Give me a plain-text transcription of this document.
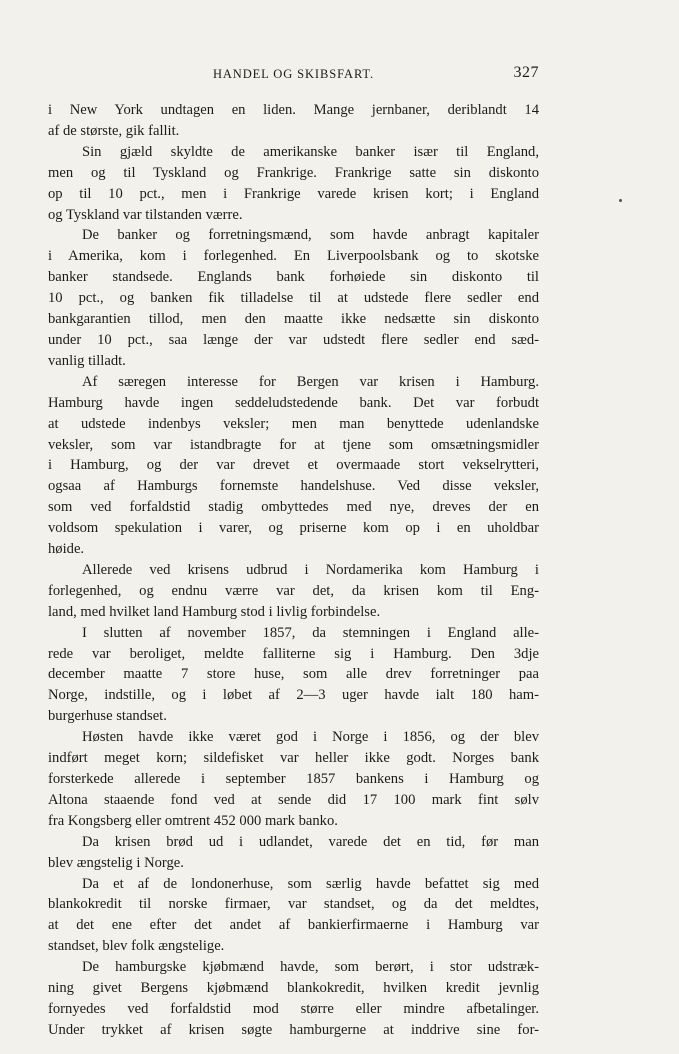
HANDEL OG SKIBSFART.	327
i New York undtagen en liden. Mange jernbaner, deriblandt 14
af de største, gik fallit.
Sin gjæld skyldte de amerikanske banker især til England,
men og til Tyskland og Frankrige. Frankrige satte sin diskonto
op til 10 pct., men i Frankrige varede krisen kort; i England
og Tyskland var tilstanden værre.
De banker og forretningsmænd, som havde anbragt kapitaler
i Amerika, kom i forlegenhed. En Liverpoolsbank og to skotske
banker standsede. Englands bank forhøiede sin diskonto til
10 pct., og banken fik tilladelse til at udstede flere sedler end
bankgarantien tillod, men den maatte ikke nedsætte sin diskonto
under 10 pct., saa længe der var udstedt flere sedler end sæd-
vanlig tilladt.
Af særegen interesse for Bergen var krisen i Hamburg.
Hamburg havde ingen seddeludstedende bank. Det var forbudt
at udstede indenbys veksler; men man benyttede udenlandske
veksler, som var istandbragte for at tjene som omsætningsmidler
i Hamburg, og der var drevet et overmaade stort vekselrytteri,
ogsaa af Hamburgs fornemste handelshuse. Ved disse veksler,
som ved forfaldstid stadig ombyttedes med nye, dreves der en
voldsom spekulation i varer, og priserne kom op i en uholdbar
høide.
Allerede ved krisens udbrud i Nordamerika kom Hamburg i
forlegenhed, og endnu værre var det, da krisen kom til Eng-
land, med hvilket land Hamburg stod i livlig forbindelse.
I slutten af november 1857, da stemningen i England alle-
rede var beroliget, meldte falliterne sig i Hamburg. Den 3dje
december maatte 7 store huse, som alle drev forretninger paa
Norge, indstille, og i løbet af 2—3 uger havde ialt 180 ham-
burgerhuse standset.
Høsten havde ikke været god i Norge i 1856, og der blev
indført meget korn; sildefisket var heller ikke godt. Norges bank
forsterkede allerede i september 1857 bankens i Hamburg og
Altona staaende fond ved at sende did 17 100 mark fint sølv
fra Kongsberg eller omtrent 452 000 mark banko.
Da krisen brød ud i udlandet, varede det en tid, før man
blev ængstelig i Norge.
Da et af de londonerhuse, som særlig havde befattet sig med
blankokredit til norske firmaer, var standset, og da det meldtes,
at det ene efter det andet af bankierfirmaerne i Hamburg var
standset, blev folk ængstelige.
De hamburgske kjøbmænd havde, som berørt, i stor udstræk-
ning givet Bergens kjøbmænd blankokredit, hvilken kredit jevnlig
fornyedes ved forfaldstid mod større eller mindre afbetalinger.
Under trykket af krisen søgte hamburgerne at inddrive sine for-
